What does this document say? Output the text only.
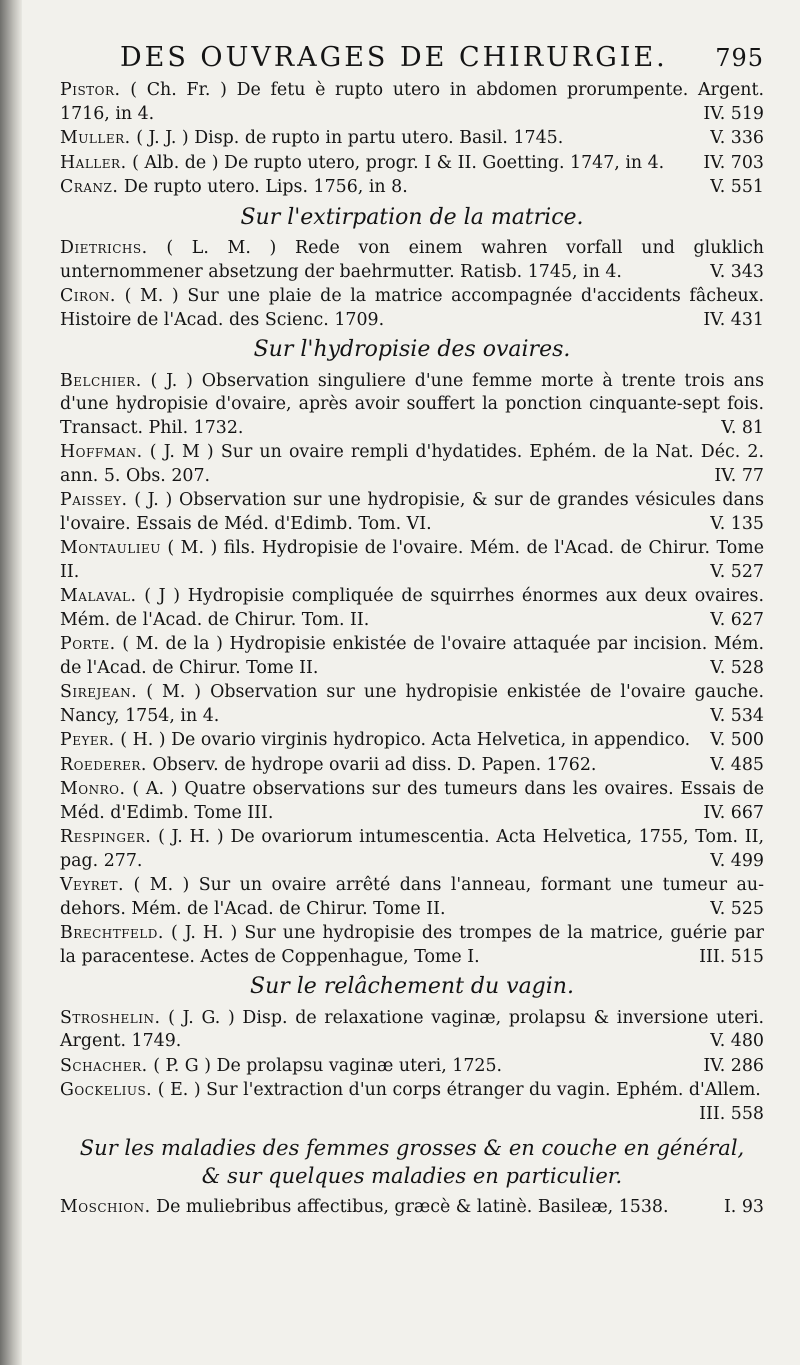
DES OUVRAGES DE CHIRURGIE. 795
Pistor. ( Ch. Fr. ) De fetu è rupto utero in abdomen prorumpente. Argent. 1716, in 4.	IV. 519
Muller. ( J. J. ) Disp. de rupto in partu utero. Basil. 1745.	V. 336
Haller. ( Alb. de ) De rupto utero, progr. I & II. Goetting. 1747, in 4.	IV. 703
Cranz. De rupto utero. Lips. 1756, in 8.	V. 551
Sur l'extirpation de la matrice.
Dietrichs. ( L. M. ) Rede von einem wahren vorfall und gluklich unternommener absetzung der baehrmutter. Ratisb. 1745, in 4.	V. 343
Ciron. ( M. ) Sur une plaie de la matrice accompagnée d'accidents fâcheux. Histoire de l'Acad. des Scienc. 1709.	IV. 431
Sur l'hydropisie des ovaires.
Belchier. ( J. ) Observation singuliere d'une femme morte à trente trois ans d'une hydropisie d'ovaire, après avoir souffert la ponction cinquante-sept fois. Transact. Phil. 1732.	V. 81
Hoffman. ( J. M ) Sur un ovaire rempli d'hydatides. Ephém. de la Nat. Déc. 2. ann. 5. Obs. 207.	IV. 77
Paissey. ( J. ) Observation sur une hydropisie, & sur de grandes vésicules dans l'ovaire. Essais de Méd. d'Edimb. Tom. VI.	V. 135
Montaulieu ( M. ) fils. Hydropisie de l'ovaire. Mém. de l'Acad. de Chirur. Tome II.	V. 527
Malaval. ( J ) Hydropisie compliquée de squirrhes énormes aux deux ovaires. Mém. de l'Acad. de Chirur. Tom. II.	V. 627
Porte. ( M. de la ) Hydropisie enkistée de l'ovaire attaquée par incision. Mém. de l'Acad. de Chirur. Tome II.	V. 528
Sirejean. ( M. ) Observation sur une hydropisie enkistée de l'ovaire gauche. Nancy, 1754, in 4.	V. 534
Peyer. ( H. ) De ovario virginis hydropico. Acta Helvetica, in appendico.	V. 500
Roederer. Observ. de hydrope ovarii ad diss. D. Papen. 1762.	V. 485
Monro. ( A. ) Quatre observations sur des tumeurs dans les ovaires. Essais de Méd. d'Edimb. Tome III.	IV. 667
Respinger. ( J. H. ) De ovariorum intumescentia. Acta Helvetica, 1755, Tom. II, pag. 277.	V. 499
Veyret. ( M. ) Sur un ovaire arrêté dans l'anneau, formant une tumeur au-dehors. Mém. de l'Acad. de Chirur. Tome II.	V. 525
Brechtfeld. ( J. H. ) Sur une hydropisie des trompes de la matrice, guérie par la paracentese. Actes de Coppenhague, Tome I.	III. 515
Sur le relâchement du vagin.
Stroshelin. ( J. G. ) Disp. de relaxatione vaginæ, prolapsu & inversione uteri. Argent. 1749.	V. 480
Schacher. ( P. G ) De prolapsu vaginæ uteri, 1725.	IV. 286
Gockelius. ( E. ) Sur l'extraction d'un corps étranger du vagin. Ephém. d'Allem.
III. 558
Sur les maladies des femmes grosses & en couche en général,
& sur quelques maladies en particulier.
Moschion. De muliebribus affectibus, græcè & latinè. Basileæ, 1538.	I. 93
